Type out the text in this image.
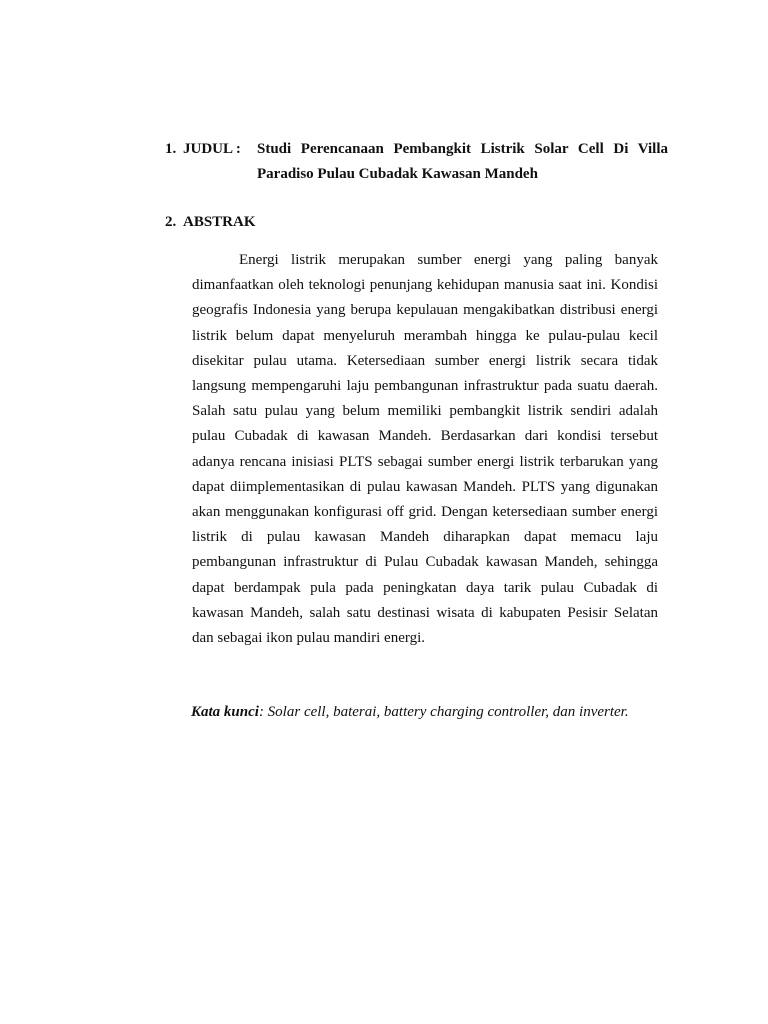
1. JUDUL :	Studi Perencanaan Pembangkit Listrik Solar Cell Di Villa
Paradiso Pulau Cubadak Kawasan Mandeh
2. ABSTRAK

Energi listrik merupakan sumber energi yang paling banyak dimanfaatkan oleh teknologi penunjang kehidupan manusia saat ini. Kondisi geografis Indonesia yang berupa kepulauan mengakibatkan distribusi energi listrik belum dapat menyeluruh merambah hingga ke pulau-pulau kecil disekitar pulau utama. Ketersediaan sumber energi listrik secara tidak langsung mempengaruhi laju pembangunan infrastruktur pada suatu daerah. Salah satu pulau yang belum memiliki pembangkit listrik sendiri adalah pulau Cubadak di kawasan Mandeh. Berdasarkan dari kondisi tersebut adanya rencana inisiasi PLTS sebagai sumber energi listrik terbarukan yang dapat diimplementasikan di pulau kawasan Mandeh. PLTS yang digunakan akan menggunakan konfigurasi off grid. Dengan ketersediaan sumber energi listrik di pulau kawasan Mandeh diharapkan dapat memacu laju pembangunan infrastruktur di Pulau Cubadak kawasan Mandeh, sehingga dapat berdampak pula pada peningkatan daya tarik pulau Cubadak di kawasan Mandeh, salah satu destinasi wisata di kabupaten Pesisir Selatan dan sebagai ikon pulau mandiri energi.

Kata kunci: Solar cell, baterai, battery charging controller, dan inverter.
